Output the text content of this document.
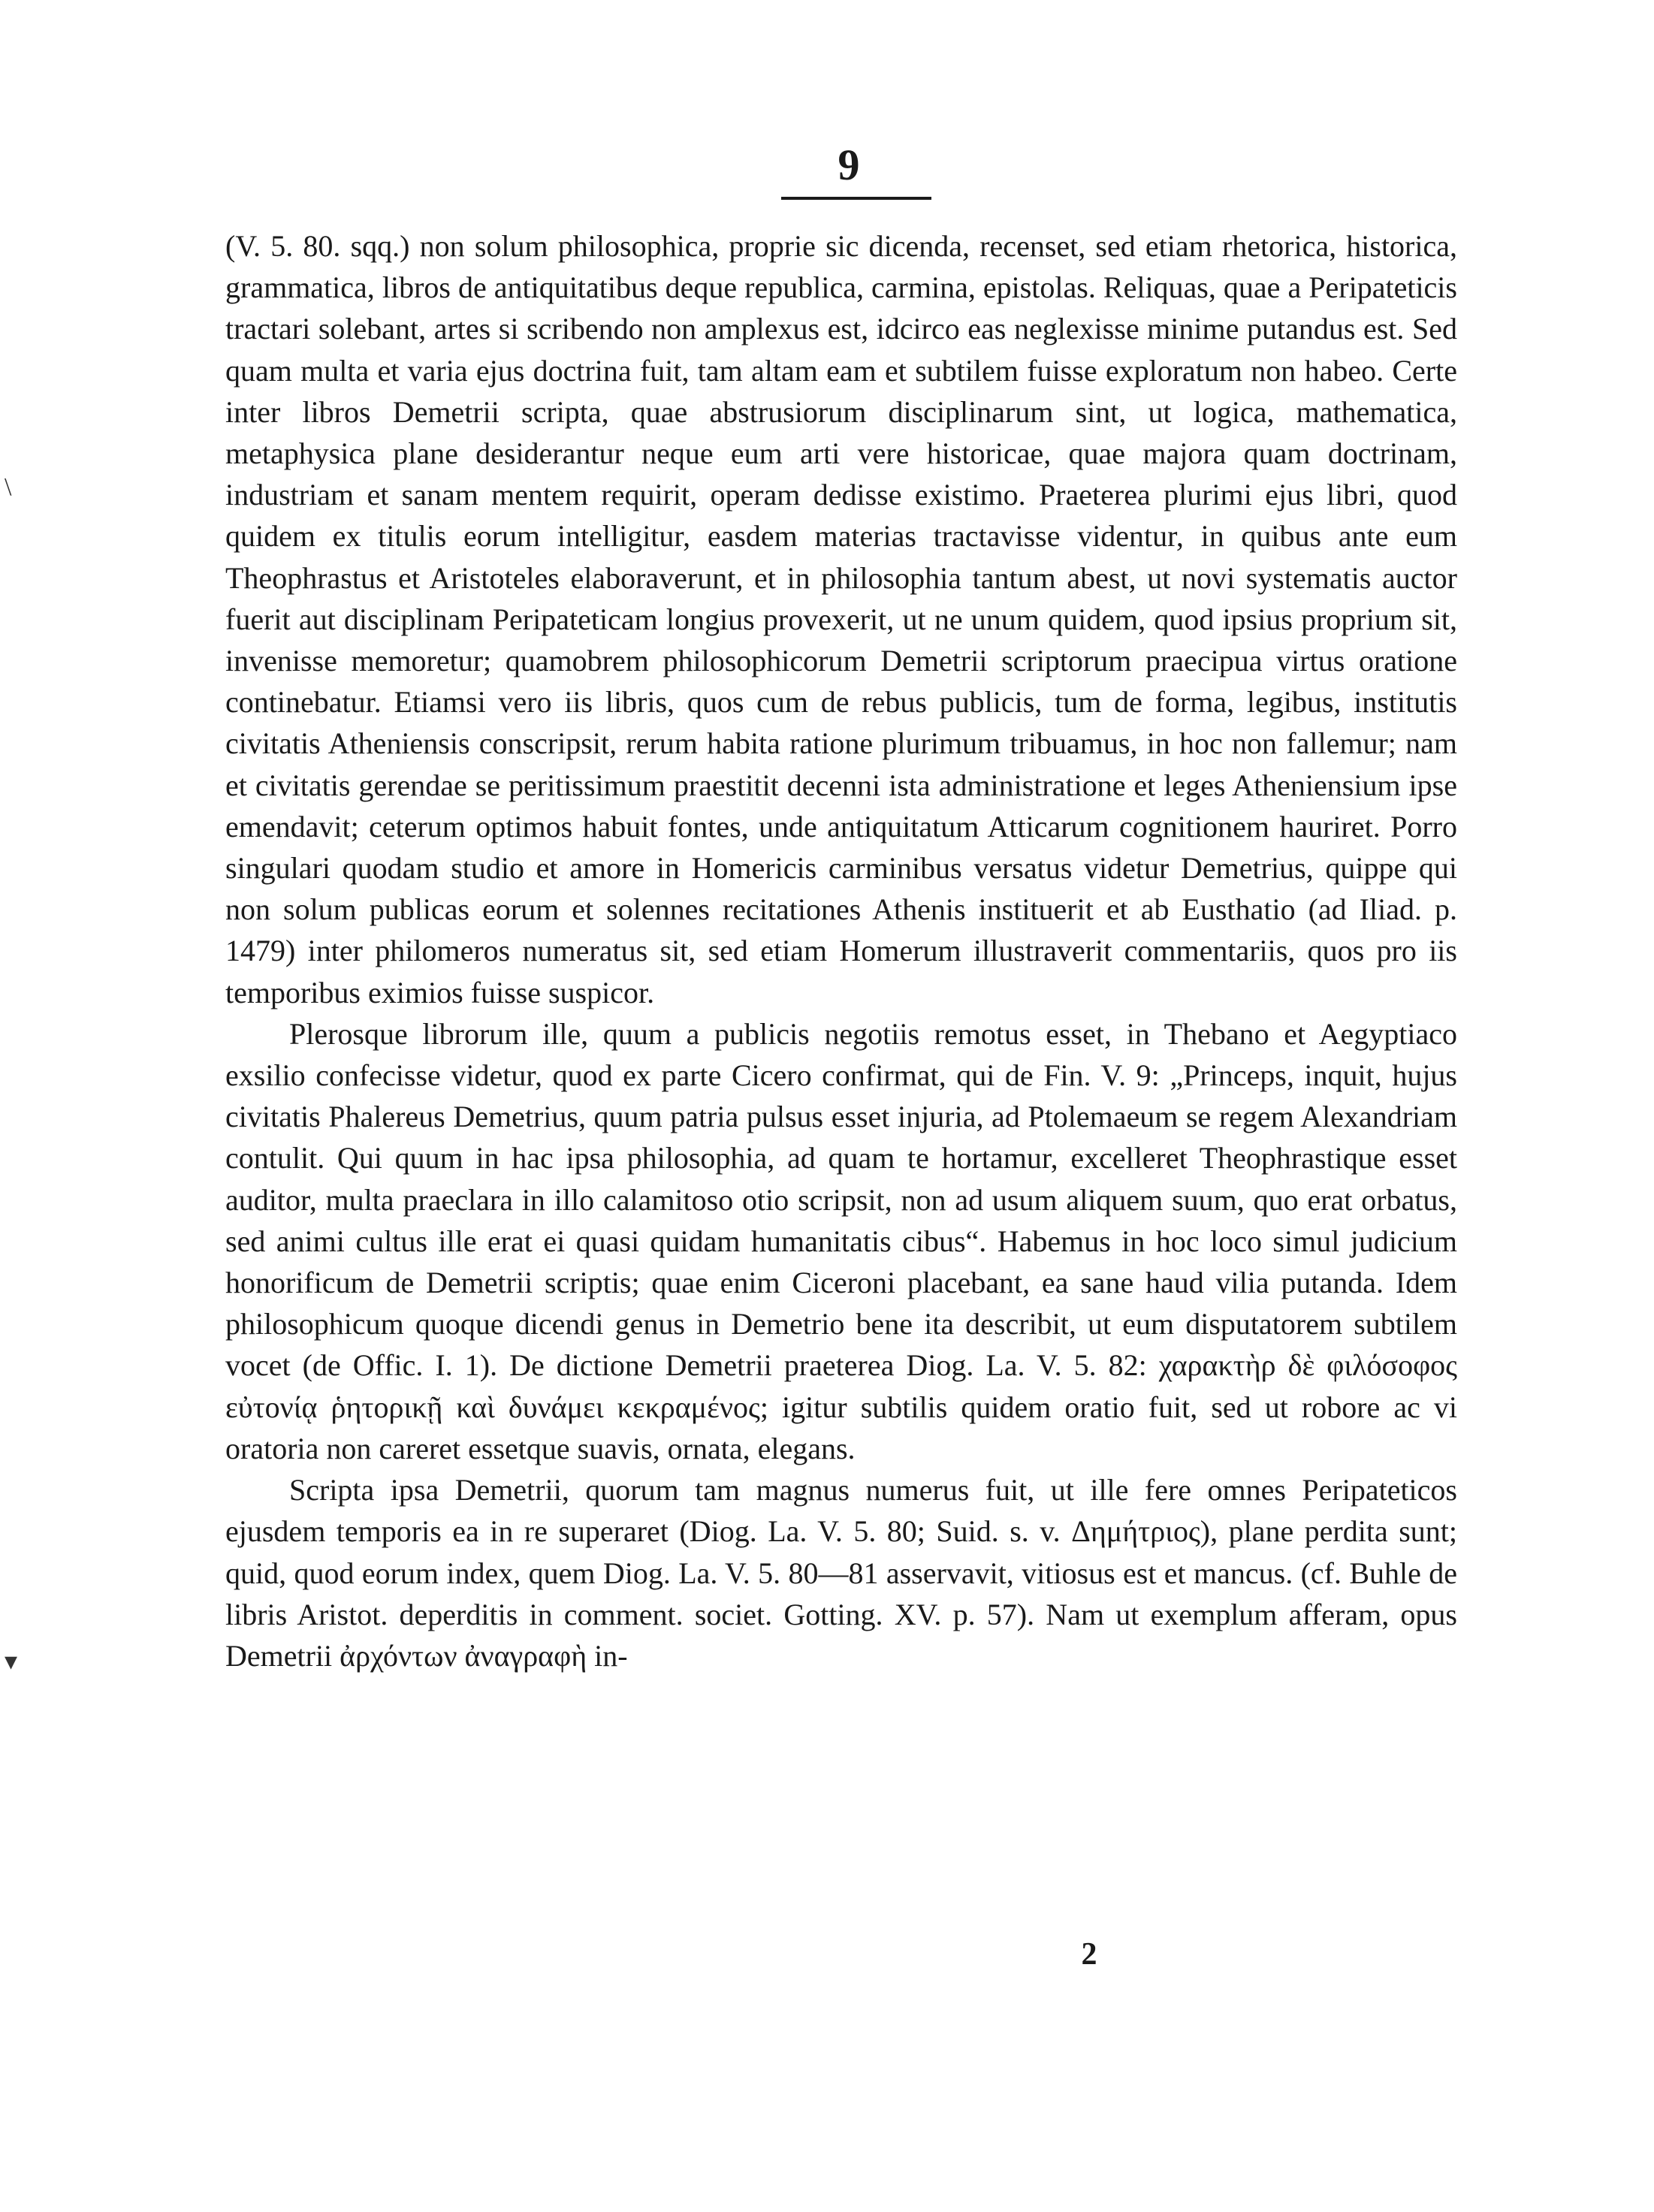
9
\
▾

(V. 5. 80. sqq.) non solum philosophica, proprie sic dicenda, recenset, sed etiam rhetorica, historica, grammatica, libros de antiquitatibus deque republica, carmina, epistolas. Reliquas, quae a Peripateticis tractari solebant, artes si scribendo non amplexus est, idcirco eas neglexisse minime putandus est. Sed quam multa et varia ejus doctrina fuit, tam altam eam et subtilem fuisse exploratum non habeo. Certe inter libros Demetrii scripta, quae abstrusiorum disciplinarum sint, ut logica, mathematica, metaphysica plane desiderantur neque eum arti vere historicae, quae majora quam doctrinam, industriam et sanam mentem requirit, operam dedisse existimo. Praeterea plurimi ejus libri, quod quidem ex titulis eorum intelligitur, easdem materias tractavisse videntur, in quibus ante eum Theophrastus et Aristoteles elaboraverunt, et in philosophia tantum abest, ut novi systematis auctor fuerit aut disciplinam Peripateticam longius provexerit, ut ne unum quidem, quod ipsius proprium sit, invenisse memoretur; quamobrem philosophicorum Demetrii scriptorum praecipua virtus oratione continebatur. Etiamsi vero iis libris, quos cum de rebus publicis, tum de forma, legibus, institutis civitatis Atheniensis conscripsit, rerum habita ratione plurimum tribuamus, in hoc non fallemur; nam et civitatis gerendae se peritissimum praestitit decenni ista administratione et leges Atheniensium ipse emendavit; ceterum optimos habuit fontes, unde antiquitatum Atticarum cognitionem hauriret. Porro singulari quodam studio et amore in Homericis carminibus versatus videtur Demetrius, quippe qui non solum publicas eorum et solennes recitationes Athenis instituerit et ab Eusthatio (ad Iliad. p. 1479) inter philomeros numeratus sit, sed etiam Homerum illustraverit commentariis, quos pro iis temporibus eximios fuisse suspicor.

Plerosque librorum ille, quum a publicis negotiis remotus esset, in Thebano et Aegyptiaco exsilio confecisse videtur, quod ex parte Cicero confirmat, qui de Fin. V. 9: „Princeps, inquit, hujus civitatis Phalereus Demetrius, quum patria pulsus esset injuria, ad Ptolemaeum se regem Alexandriam contulit. Qui quum in hac ipsa philosophia, ad quam te hortamur, excelleret Theophrastique esset auditor, multa praeclara in illo calamitoso otio scripsit, non ad usum aliquem suum, quo erat orbatus, sed animi cultus ille erat ei quasi quidam humanitatis cibus“. Habemus in hoc loco simul judicium honorificum de Demetrii scriptis; quae enim Ciceroni placebant, ea sane haud vilia putanda. Idem philosophicum quoque dicendi genus in Demetrio bene ita describit, ut eum disputatorem subtilem vocet (de Offic. I. 1). De dictione Demetrii praeterea Diog. La. V. 5. 82: χαρακτὴρ δὲ φιλόσοφος εὐτονίᾳ ῥητορικῇ καὶ δυνάμει κεκραμένος; igitur subtilis quidem oratio fuit, sed ut robore ac vi oratoria non careret essetque suavis, ornata, elegans.

Scripta ipsa Demetrii, quorum tam magnus numerus fuit, ut ille fere omnes Peripateticos ejusdem temporis ea in re superaret (Diog. La. V. 5. 80; Suid. s. v. Δημήτριος), plane perdita sunt; quid, quod eorum index, quem Diog. La. V. 5. 80—81 asservavit, vitiosus est et mancus. (cf. Buhle de libris Aristot. deperditis in comment. societ. Gotting. XV. p. 57). Nam ut exemplum afferam, opus Demetrii ἀρχόντων ἀναγραφὴ in-

2
